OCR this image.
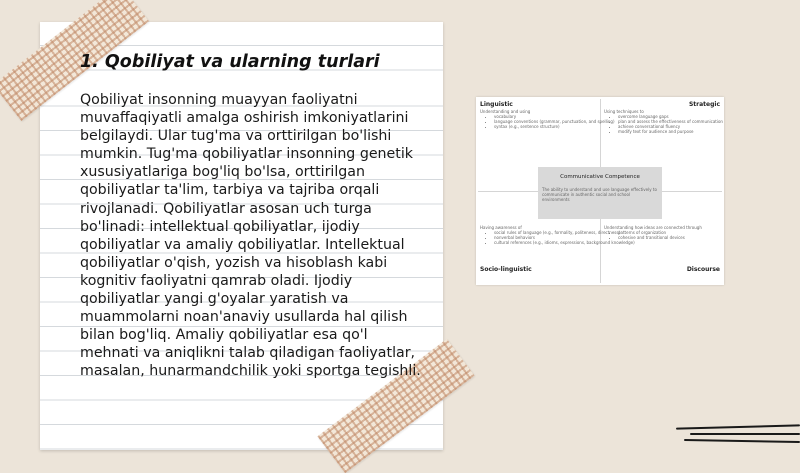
1. Qobiliyat va ularning turlari

Qobiliyat insonning muayyan faoliyatni muvaffaqiyatli amalga oshirish imkoniyatlarini belgilaydi. Ular tug'ma va orttirilgan bo'lishi mumkin. Tug'ma qobiliyatlar insonning genetik xususiyatlariga bog'liq bo'lsa, orttirilgan qobiliyatlar ta'lim, tarbiya va tajriba orqali rivojlanadi. Qobiliyatlar asosan uch turga bo'linadi: intellektual qobiliyatlar, ijodiy qobiliyatlar va amaliy qobiliyatlar. Intellektual qobiliyatlar o'qish, yozish va hisoblash kabi kognitiv faoliyatni qamrab oladi. Ijodiy qobiliyatlar yangi g'oyalar yaratish va muammolarni noan'anaviy usullarda hal qilish bilan bog'liq. Amaliy qobiliyatlar esa qo'l mehnati va aniqlikni talab qiladigan faoliyatlar, masalan, hunarmandchilik yoki sportga tegishli.

Linguistic
Understanding and using
• vocabulary
• language conventions (grammar, punctuation, and spelling)
• syntax (e.g., sentence structure)
Strategic
Using techniques to
• overcome language gaps
• plan and assess the effectiveness of communication
• achieve conversational fluency
• modify text for audience and purpose
Communicative Competence
The ability to understand and use language effectively to communicate in authentic social and school environments
Having awareness of
• social rules of language (e.g., formality, politeness, directness)
• nonverbal behaviors
• cultural references (e.g., idioms, expressions, background knowledge)
Socio-linguistic
Understanding how ideas are connected through
• patterns of organization
• cohesive and transitional devices
Discourse
